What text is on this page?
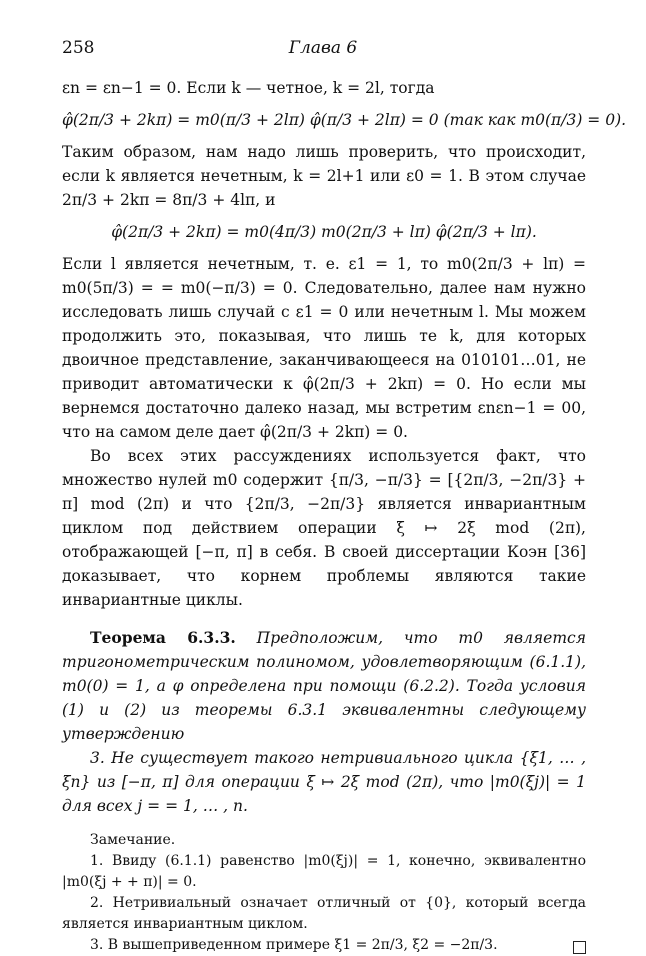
258	Глава 6

εn = εn−1 = 0. Если k — четное, k = 2l, тогда

φ̂(2π/3 + 2kπ) = m0(π/3 + 2lπ) φ̂(π/3 + 2lπ) = 0 (так как m0(π/3) = 0).

Таким образом, нам надо лишь проверить, что происходит, если k является нечетным, k = 2l+1 или ε0 = 1. В этом случае 2π/3 + 2kπ = 8π/3 + 4lπ, и

φ̂(2π/3 + 2kπ) = m0(4π/3) m0(2π/3 + lπ) φ̂(2π/3 + lπ).

Если l является нечетным, т. е. ε1 = 1, то m0(2π/3 + lπ) = m0(5π/3) = = m0(−π/3) = 0. Следовательно, далее нам нужно исследовать лишь случай с ε1 = 0 или нечетным l. Мы можем продолжить это, показывая, что лишь те k, для которых двоичное представление, заканчивающееся на 010101…01, не приводит автоматически к φ̂(2π/3 + 2kπ) = 0. Но если мы вернемся достаточно далеко назад, мы встретим εnεn−1 = 00, что на самом деле дает φ̂(2π/3 + 2kπ) = 0.

Во всех этих рассуждениях используется факт, что множество нулей m0 содержит {π/3, −π/3} = [{2π/3, −2π/3} + π] mod (2π) и что {2π/3, −2π/3} является инвариантным циклом под действием операции ξ ↦ 2ξ mod (2π), отображающей [−π, π] в себя. В своей диссертации Коэн [36] доказывает, что корнем проблемы являются такие инвариантные циклы.

Теорема 6.3.3. Предположим, что m0 является тригонометрическим полиномом, удовлетворяющим (6.1.1), m0(0) = 1, а φ определена при помощи (6.2.2). Тогда условия (1) и (2) из теоремы 6.3.1 эквивалентны следующему утверждению

3. Не существует такого нетривиального цикла {ξ1, … , ξn} из [−π, π] для операции ξ ↦ 2ξ mod (2π), что |m0(ξj)| = 1 для всех j = = 1, … , n.

Замечание.

1. Ввиду (6.1.1) равенство |m0(ξj)| = 1, конечно, эквивалентно |m0(ξj + + π)| = 0.

2. Нетривиальный означает отличный от {0}, который всегда является инвариантным циклом.

3. В вышеприведенном примере ξ1 = 2π/3, ξ2 = −2π/3.
